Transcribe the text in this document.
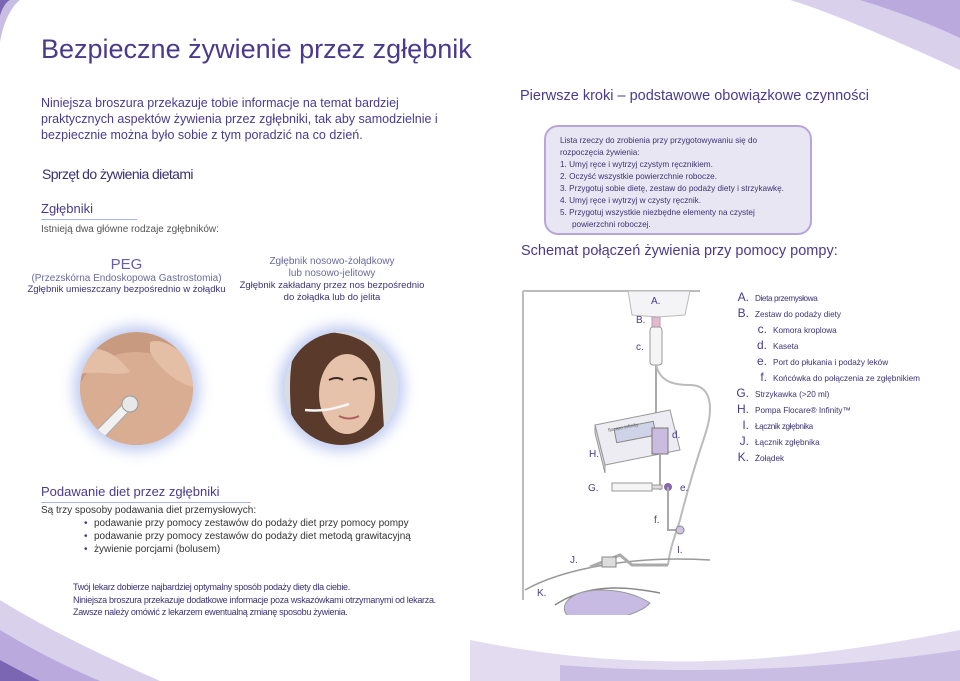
Bezpieczne żywienie przez zgłębnik
Niniejsza broszura przekazuje tobie informacje na temat bardziej praktycznych aspektów żywienia przez zgłębniki, tak aby samodzielnie i bezpiecznie można było sobie z tym poradzić na co dzień.
Sprzęt do żywienia dietami
Zgłębniki
Istnieją dwa główne rodzaje zgłębników:
PEG
(Przezskórna Endoskopowa Gastrostomia)
Zgłębnik umieszczany bezpośrednio w żołądku
Zgłębnik nosowo-żołądkowy
lub nosowo-jelitowy
Zgłębnik zakładany przez nos bezpośrednio
do żołądka lub do jelita
Podawanie diet przez zgłębniki
Są trzy sposoby podawania diet przemysłowych:
• podawanie przy pomocy zestawów do podaży diet przy pomocy pompy
• podawanie przy pomocy zestawów do podaży diet metodą grawitacyjną
• żywienie porcjami (bolusem)
Twój lekarz dobierze najbardziej optymalny sposób podaży diety dla ciebie.
Niniejsza broszura przekazuje dodatkowe informacje poza wskazówkami otrzymanymi od lekarza.
Zawsze należy omówić z lekarzem ewentualną zmianę sposobu żywienia.
Pierwsze kroki – podstawowe obowiązkowe czynności
Lista rzeczy do zrobienia przy przygotowywaniu się do
rozpoczęcia żywienia:
1. Umyj ręce i wytrzyj czystym ręcznikiem.
2. Oczyść wszystkie powierzchnie robocze.
3. Przygotuj sobie dietę, zestaw do podaży diety i strzykawkę.
4. Umyj ręce i wytrzyj w czysty ręcznik.
5. Przygotuj wszystkie niezbędne elementy na czystej
powierzchni roboczej.
Schemat połączeń żywienia przy pomocy pompy:
A.
B.
c.
d.
H.
G.	e.
f.
I.
J.
K.
flocare infinity
A. Dieta przemysłowa
B. Zestaw do podaży diety
c. Komora kroplowa
d. Kaseta
e. Port do płukania i podaży leków
f. Końcówka do połączenia ze zgłębnikiem
G. Strzykawka (>20 ml)
H. Pompa Flocare® Infinity™
I. Łącznik zgłębnika
J. Łącznik zgłębnika
K. Żołądek
